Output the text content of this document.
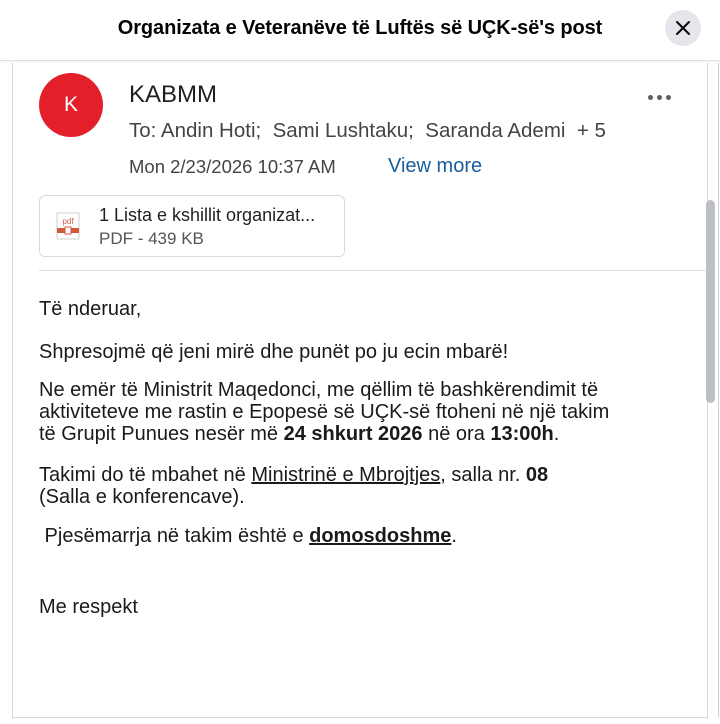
Organizata e Veteranëve të Luftës së UÇK-së's post
K KABMM
To: Andin Hoti;  Sami Lushtaku;  Saranda Ademi  + 5
Mon 2/23/2026 10:37 AM	View more
pdf 1 Lista e kshillit organizat...
PDF - 439 KB
Të nderuar,
Shpresojmë që jeni mirë dhe punët po ju ecin mbarë!
Ne emër të Ministrit Maqedonci, me qëllim të bashkërendimit të
aktiviteteve me rastin e Epopesë së UÇK-së ftoheni në një takim
të Grupit Punues nesër më 24 shkurt 2026 në ora 13:00h.
Takimi do të mbahet në Ministrinë e Mbrojtjes, salla nr. 08
(Salla e konferencave).
Pjesëmarrja në takim është e domosdoshme.
Me respekt
